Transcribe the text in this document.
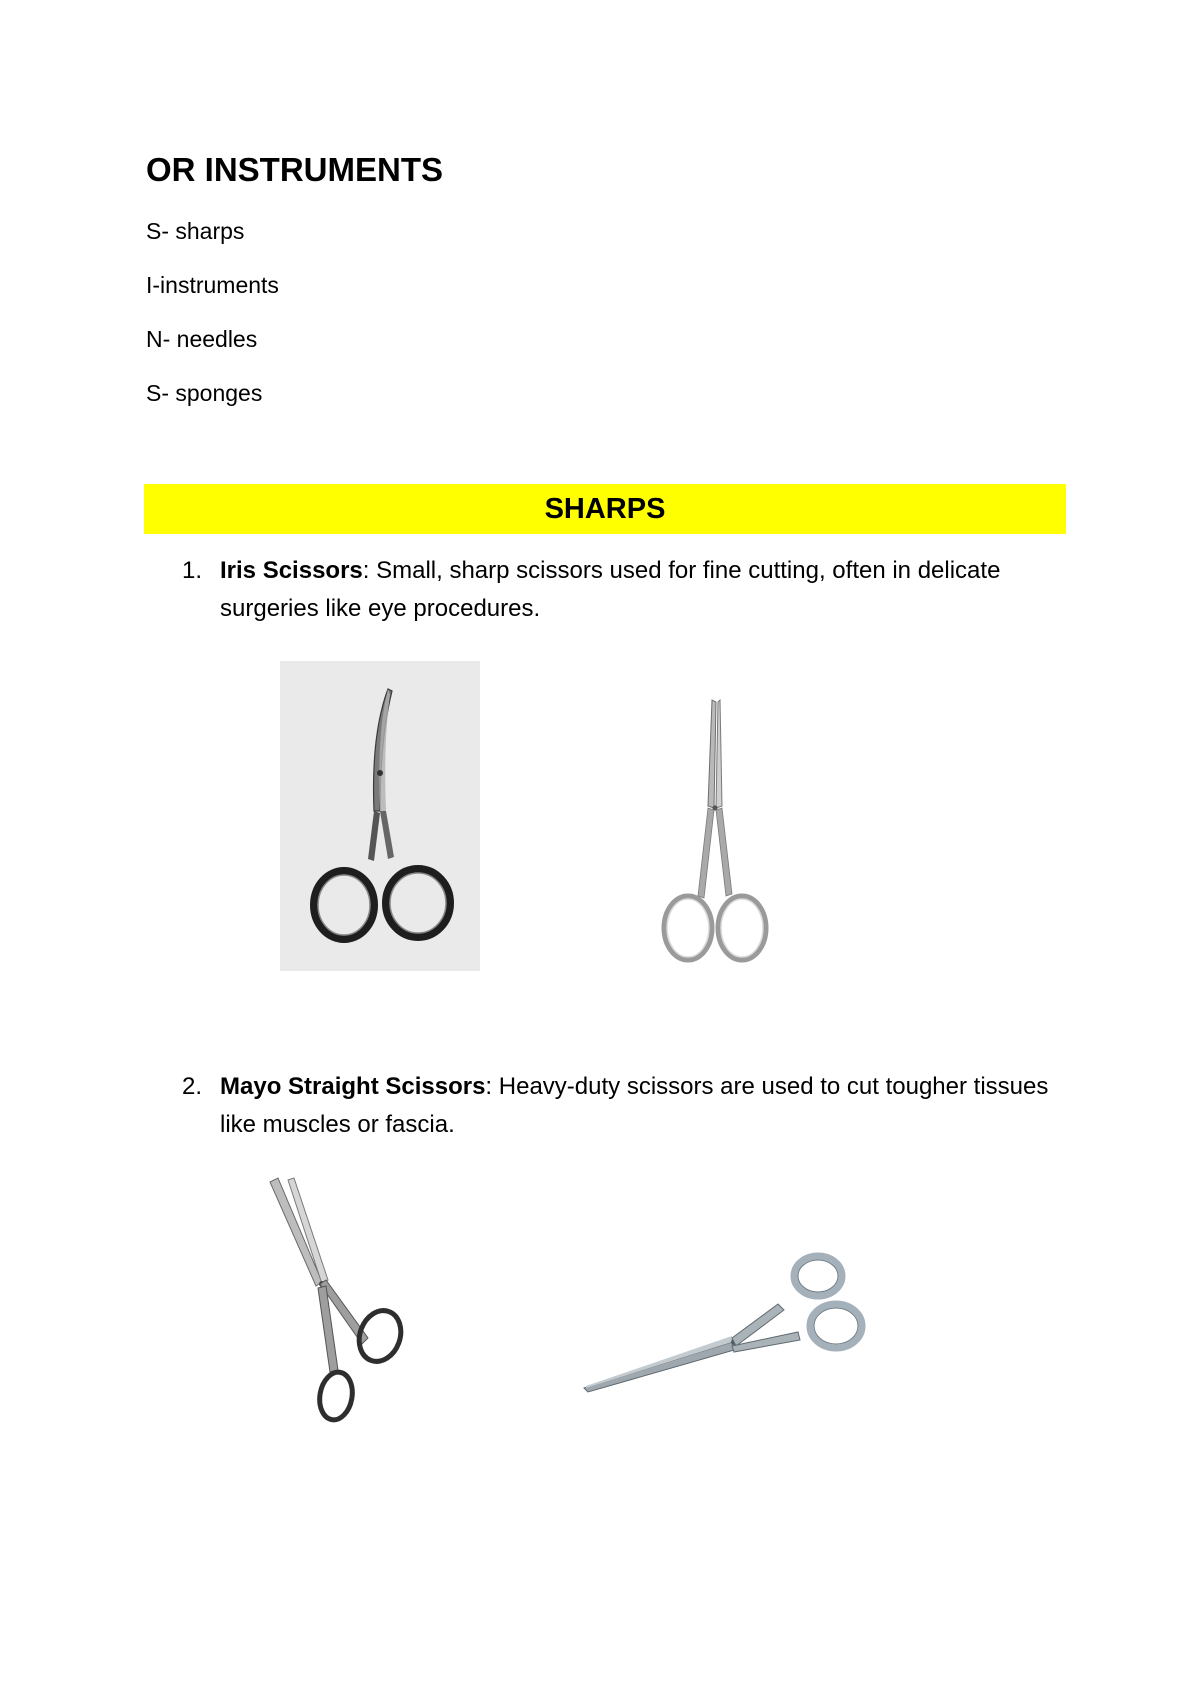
OR INSTRUMENTS

S- sharps

I-instruments

N- needles

S- sponges

SHARPS
1. Iris Scissors: Small, sharp scissors used for fine cutting, often in delicate surgeries like eye procedures.
2. Mayo Straight Scissors: Heavy-duty scissors are used to cut tougher tissues like muscles or fascia.
